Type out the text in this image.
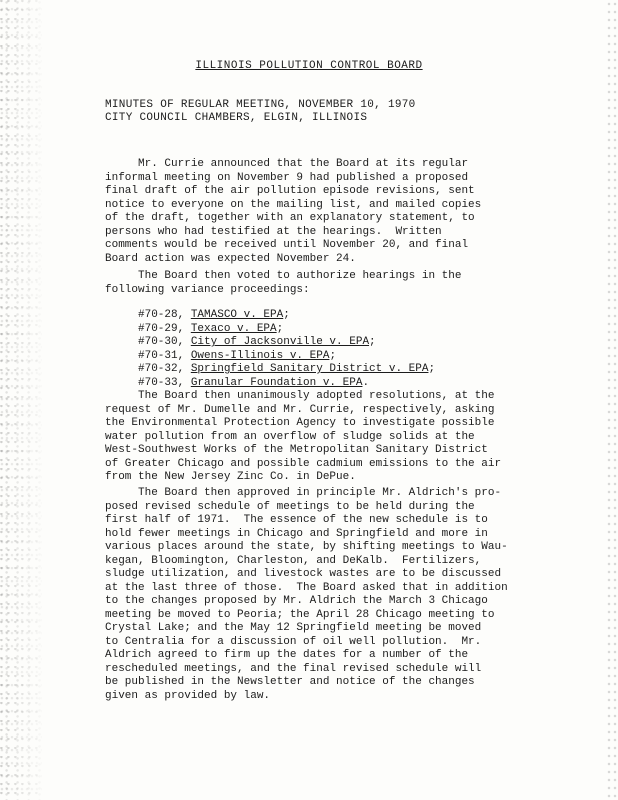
ILLINOIS POLLUTION CONTROL BOARD
MINUTES OF REGULAR MEETING, NOVEMBER 10, 1970
CITY COUNCIL CHAMBERS, ELGIN, ILLINOIS

Mr. Currie announced that the Board at its regular
informal meeting on November 9 had published a proposed
final draft of the air pollution episode revisions, sent
notice to everyone on the mailing list, and mailed copies
of the draft, together with an explanatory statement, to
persons who had testified at the hearings.  Written
comments would be received until November 20, and final
Board action was expected November 24.

The Board then voted to authorize hearings in the
following variance proceedings:

#70-28, TAMASCO v. EPA;
#70-29, Texaco v. EPA;
#70-30, City of Jacksonville v. EPA;
#70-31, Owens-Illinois v. EPA;
#70-32, Springfield Sanitary District v. EPA;
#70-33, Granular Foundation v. EPA.

The Board then unanimously adopted resolutions, at the
request of Mr. Dumelle and Mr. Currie, respectively, asking
the Environmental Protection Agency to investigate possible
water pollution from an overflow of sludge solids at the
West-Southwest Works of the Metropolitan Sanitary District
of Greater Chicago and possible cadmium emissions to the air
from the New Jersey Zinc Co. in DePue.

The Board then approved in principle Mr. Aldrich's pro-
posed revised schedule of meetings to be held during the
first half of 1971.  The essence of the new schedule is to
hold fewer meetings in Chicago and Springfield and more in
various places around the state, by shifting meetings to Wau-
kegan, Bloomington, Charleston, and DeKalb.  Fertilizers,
sludge utilization, and livestock wastes are to be discussed
at the last three of those.  The Board asked that in addition
to the changes proposed by Mr. Aldrich the March 3 Chicago
meeting be moved to Peoria; the April 28 Chicago meeting to
Crystal Lake; and the May 12 Springfield meeting be moved
to Centralia for a discussion of oil well pollution.  Mr.
Aldrich agreed to firm up the dates for a number of the
rescheduled meetings, and the final revised schedule will
be published in the Newsletter and notice of the changes
given as provided by law.
